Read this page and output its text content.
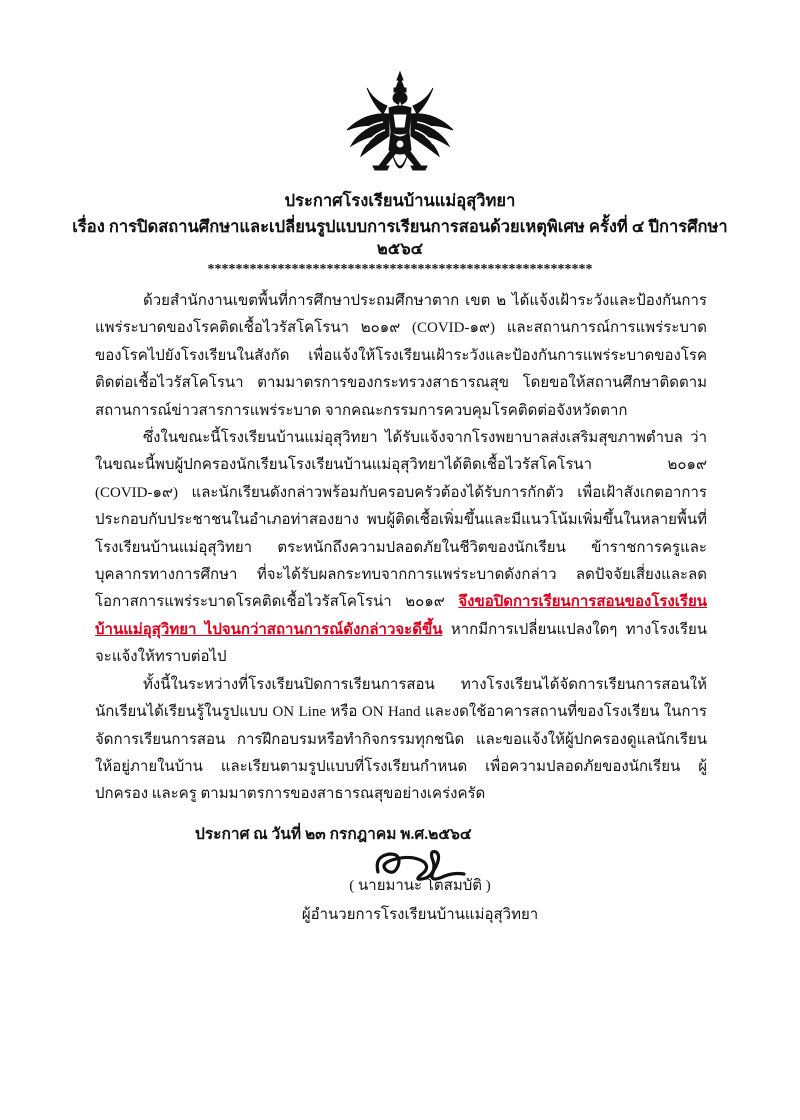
ประกาศโรงเรียนบ้านแม่อุสุวิทยา
เรื่อง การปิดสถานศึกษาและเปลี่ยนรูปแบบการเรียนการสอนด้วยเหตุพิเศษ ครั้งที่ ๔ ปีการศึกษา ๒๕๖๔
*******************************************************

ด้วยสำนักงานเขตพื้นที่การศึกษาประถมศึกษาตาก เขต ๒ ได้แจ้งเฝ้าระวังและป้องกันการแพร่ระบาดของโรคติดเชื้อไวรัสโคโรนา ๒๐๑๙ (COVID-๑๙) และสถานการณ์การแพร่ระบาดของโรคไปยังโรงเรียนในสังกัด เพื่อแจ้งให้โรงเรียนเฝ้าระวังและป้องกันการแพร่ระบาดของโรคติดต่อเชื้อไวรัสโคโรนา ตามมาตรการของกระทรวงสาธารณสุข โดยขอให้สถานศึกษาติดตามสถานการณ์ข่าวสารการแพร่ระบาด จากคณะกรรมการควบคุมโรคติดต่อจังหวัดตาก

ซึ่งในขณะนี้โรงเรียนบ้านแม่อุสุวิทยา ได้รับแจ้งจากโรงพยาบาลส่งเสริมสุขภาพตำบล ว่าในขณะนี้พบผู้ปกครองนักเรียนโรงเรียนบ้านแม่อุสุวิทยาได้ติดเชื้อไวรัสโคโรนา ๒๐๑๙ (COVID-๑๙) และนักเรียนดังกล่าวพร้อมกับครอบครัวต้องได้รับการกักตัว เพื่อเฝ้าสังเกตอาการ ประกอบกับประชาชนในอำเภอท่าสองยาง พบผู้ติดเชื้อเพิ่มขึ้นและมีแนวโน้มเพิ่มขึ้นในหลายพื้นที่ โรงเรียนบ้านแม่อุสุวิทยา ตระหนักถึงความปลอดภัยในชีวิตของนักเรียน ข้าราชการครูและบุคลากรทางการศึกษา ที่จะได้รับผลกระทบจากการแพร่ระบาดดังกล่าว ลดปัจจัยเสี่ยงและลดโอกาสการแพร่ระบาดโรคติดเชื้อไวรัสโคโรน่า ๒๐๑๙ จึงขอปิดการเรียนการสอนของโรงเรียนบ้านแม่อุสุวิทยา ไปจนกว่าสถานการณ์ดังกล่าวจะดีขึ้น หากมีการเปลี่ยนแปลงใดๆ ทางโรงเรียนจะแจ้งให้ทราบต่อไป

ทั้งนี้ในระหว่างที่โรงเรียนปิดการเรียนการสอน ทางโรงเรียนได้จัดการเรียนการสอนให้นักเรียนได้เรียนรู้ในรูปแบบ ON Line หรือ ON Hand และงดใช้อาคารสถานที่ของโรงเรียน ในการจัดการเรียนการสอน การฝึกอบรมหรือทำกิจกรรมทุกชนิด และขอแจ้งให้ผู้ปกครองดูแลนักเรียนให้อยู่ภายในบ้าน และเรียนตามรูปแบบที่โรงเรียนกำหนด เพื่อความปลอดภัยของนักเรียน ผู้ปกครอง และครู ตามมาตรการของสาธารณสุขอย่างเคร่งครัด

ประกาศ ณ วันที่ ๒๓ กรกฎาคม พ.ศ.๒๕๖๔
( นายมานะ โตสมบัติ )
ผู้อำนวยการโรงเรียนบ้านแม่อุสุวิทยา
